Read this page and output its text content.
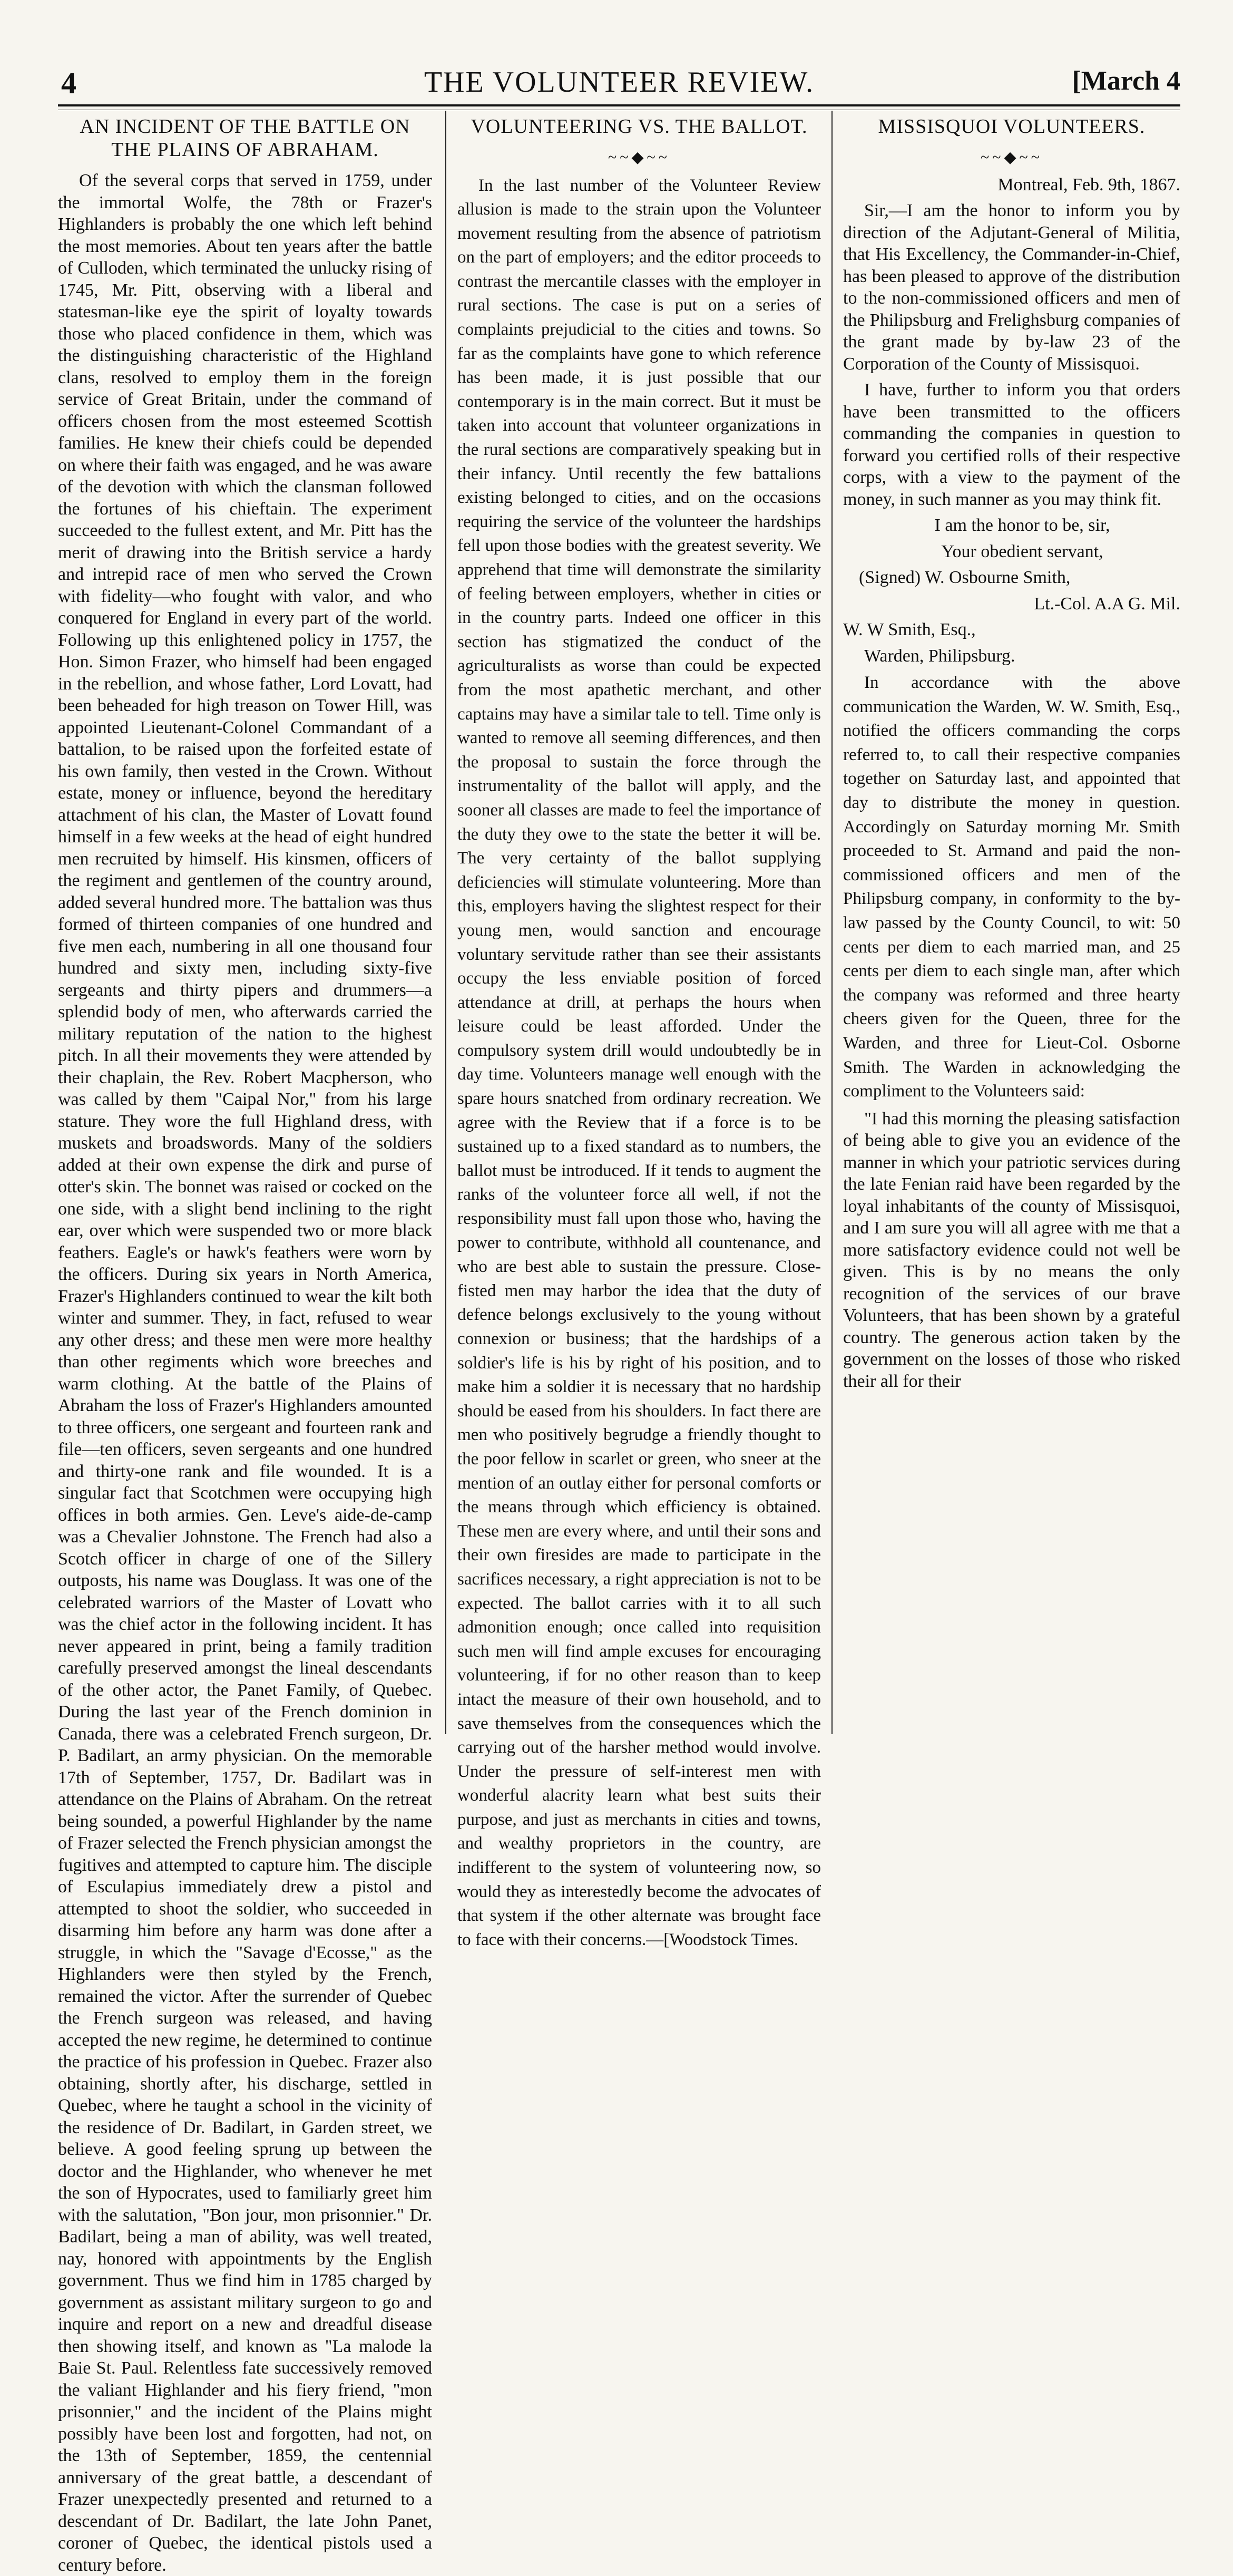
4	THE VOLUNTEER REVIEW.	[March 4
AN INCIDENT OF THE BATTLE ON THE PLAINS OF ABRAHAM.

Of the several corps that served in 1759, under the immortal Wolfe, the 78th or Frazer's Highlanders is probably the one which left behind the most memories. About ten years after the battle of Culloden, which terminated the unlucky rising of 1745, Mr. Pitt, observing with a liberal and statesman-like eye the spirit of loyalty towards those who placed confidence in them, which was the distinguishing characteristic of the Highland clans, resolved to employ them in the foreign service of Great Britain, under the command of officers chosen from the most esteemed Scottish families. He knew their chiefs could be depended on where their faith was engaged, and he was aware of the devotion with which the clansman followed the fortunes of his chieftain. The experiment succeeded to the fullest extent, and Mr. Pitt has the merit of drawing into the British service a hardy and intrepid race of men who served the Crown with fidelity—who fought with valor, and who conquered for England in every part of the world. Following up this enlightened policy in 1757, the Hon. Simon Frazer, who himself had been engaged in the rebellion, and whose father, Lord Lovatt, had been beheaded for high treason on Tower Hill, was appointed Lieutenant-Colonel Commandant of a battalion, to be raised upon the forfeited estate of his own family, then vested in the Crown. Without estate, money or influence, beyond the hereditary attachment of his clan, the Master of Lovatt found himself in a few weeks at the head of eight hundred men recruited by himself. His kinsmen, officers of the regiment and gentlemen of the country around, added several hundred more. The battalion was thus formed of thirteen companies of one hundred and five men each, numbering in all one thousand four hundred and sixty men, including sixty-five sergeants and thirty pipers and drummers—a splendid body of men, who afterwards carried the military reputation of the nation to the highest pitch. In all their movements they were attended by their chaplain, the Rev. Robert Macpherson, who was called by them "Caipal Nor," from his large stature. They wore the full Highland dress, with muskets and broadswords. Many of the soldiers added at their own expense the dirk and purse of otter's skin. The bonnet was raised or cocked on the one side, with a slight bend inclining to the right ear, over which were suspended two or more black feathers. Eagle's or hawk's feathers were worn by the officers. During six years in North America, Frazer's Highlanders continued to wear the kilt both winter and summer. They, in fact, refused to wear any other dress; and these men were more healthy than other regiments which wore breeches and warm clothing. At the battle of the Plains of Abraham the loss of Frazer's Highlanders amounted to three officers, one sergeant and fourteen rank and file—ten officers, seven sergeants and one hundred and thirty-one rank and file wounded. It is a singular fact that Scotchmen were occupying high offices in both armies. Gen. Leve's aide-de-camp was a Chevalier Johnstone. The French had also a Scotch officer in charge of one of the Sillery outposts, his name was Douglass. It was one of the celebrated warriors of the Master of Lovatt who was the chief actor in the following incident. It has never appeared in print, being a family tradition carefully preserved amongst the lineal descendants of the other actor, the Panet Family, of Quebec. During the last year of the French dominion in Canada, there was a celebrated French surgeon, Dr. P. Badilart, an army physician. On the memorable 17th of September, 1757, Dr. Badilart was in attendance on the Plains of Abraham. On the retreat being sounded, a powerful Highlander by the name of Frazer selected the French physician amongst the fugitives and attempted to capture him. The disciple of Esculapius immediately drew a pistol and attempted to shoot the soldier, who succeeded in disarming him before any harm was done after a struggle, in which the "Savage d'Ecosse," as the Highlanders were then styled by the French, remained the victor. After the surrender of Quebec the French surgeon was released, and having accepted the new regime, he determined to continue the practice of his profession in Quebec. Frazer also obtaining, shortly after, his discharge, settled in Quebec, where he taught a school in the vicinity of the residence of Dr. Badilart, in Garden street, we believe. A good feeling sprung up between the doctor and the Highlander, who whenever he met the son of Hypocrates, used to familiarly greet him with the salutation, "Bon jour, mon prisonnier." Dr. Badilart, being a man of ability, was well treated, nay, honored with appointments by the English government. Thus we find him in 1785 charged by government as assistant military surgeon to go and inquire and report on a new and dreadful disease then showing itself, and known as "La malode la Baie St. Paul. Relentless fate successively removed the valiant Highlander and his fiery friend, "mon prisonnier," and the incident of the Plains might possibly have been lost and forgotten, had not, on the 13th of September, 1859, the centennial anniversary of the great battle, a descendant of Frazer unexpectedly presented and returned to a descendant of Dr. Badilart, the late John Panet, coroner of Quebec, the identical pistols used a century before.

VOLUNTEERING VS. THE BALLOT.
~~◆~~

In the last number of the Volunteer Review allusion is made to the strain upon the Volunteer movement resulting from the absence of patriotism on the part of employers; and the editor proceeds to contrast the mercantile classes with the employer in rural sections. The case is put on a series of complaints prejudicial to the cities and towns. So far as the complaints have gone to which reference has been made, it is just possible that our contemporary is in the main correct. But it must be taken into account that volunteer organizations in the rural sections are comparatively speaking but in their infancy. Until recently the few battalions existing belonged to cities, and on the occasions requiring the service of the volunteer the hardships fell upon those bodies with the greatest severity. We apprehend that time will demonstrate the similarity of feeling between employers, whether in cities or in the country parts. Indeed one officer in this section has stigmatized the conduct of the agriculturalists as worse than could be expected from the most apathetic merchant, and other captains may have a similar tale to tell. Time only is wanted to remove all seeming differences, and then the proposal to sustain the force through the instrumentality of the ballot will apply, and the sooner all classes are made to feel the importance of the duty they owe to the state the better it will be. The very certainty of the ballot supplying deficiencies will stimulate volunteering. More than this, employers having the slightest respect for their young men, would sanction and encourage voluntary servitude rather than see their assistants occupy the less enviable position of forced attendance at drill, at perhaps the hours when leisure could be least afforded. Under the compulsory system drill would undoubtedly be in day time. Volunteers manage well enough with the spare hours snatched from ordinary recreation. We agree with the Review that if a force is to be sustained up to a fixed standard as to numbers, the ballot must be introduced. If it tends to augment the ranks of the volunteer force all well, if not the responsibility must fall upon those who, having the power to contribute, withhold all countenance, and who are best able to sustain the pressure. Close-fisted men may harbor the idea that the duty of defence belongs exclusively to the young without connexion or business; that the hardships of a soldier's life is his by right of his position, and to make him a soldier it is necessary that no hardship should be eased from his shoulders. In fact there are men who positively begrudge a friendly thought to the poor fellow in scarlet or green, who sneer at the mention of an outlay either for personal comforts or the means through which efficiency is obtained. These men are every where, and until their sons and their own firesides are made to participate in the sacrifices necessary, a right appreciation is not to be expected. The ballot carries with it to all such admonition enough; once called into requisition such men will find ample excuses for encouraging volunteering, if for no other reason than to keep intact the measure of their own household, and to save themselves from the consequences which the carrying out of the harsher method would involve. Under the pressure of self-interest men with wonderful alacrity learn what best suits their purpose, and just as merchants in cities and towns, and wealthy proprietors in the country, are indifferent to the system of volunteering now, so would they as interestedly become the advocates of that system if the other alternate was brought face to face with their concerns.—[Woodstock Times.

MISSISQUOI VOLUNTEERS.
~~◆~~

Montreal, Feb. 9th, 1867.

Sir,—I am the honor to inform you by direction of the Adjutant-General of Militia, that His Excellency, the Commander-in-Chief, has been pleased to approve of the distribution to the non-commissioned officers and men of the Philipsburg and Frelighsburg companies of the grant made by by-law 23 of the Corporation of the County of Missisquoi.

I have, further to inform you that orders have been transmitted to the officers commanding the companies in question to forward you certified rolls of their respective corps, with a view to the payment of the money, in such manner as you may think fit.

I am the honor to be, sir,

Your obedient servant,

(Signed) W. Osbourne Smith,

Lt.-Col. A.A G. Mil.

W. W Smith, Esq.,

Warden, Philipsburg.

In accordance with the above communication the Warden, W. W. Smith, Esq., notified the officers commanding the corps referred to, to call their respective companies together on Saturday last, and appointed that day to distribute the money in question. Accordingly on Saturday morning Mr. Smith proceeded to St. Armand and paid the non-commissioned officers and men of the Philipsburg company, in conformity to the by-law passed by the County Council, to wit: 50 cents per diem to each married man, and 25 cents per diem to each single man, after which the company was reformed and three hearty cheers given for the Queen, three for the Warden, and three for Lieut-Col. Osborne Smith. The Warden in acknowledging the compliment to the Volunteers said:

"I had this morning the pleasing satisfaction of being able to give you an evidence of the manner in which your patriotic services during the late Fenian raid have been regarded by the loyal inhabitants of the county of Missisquoi, and I am sure you will all agree with me that a more satisfactory evidence could not well be given. This is by no means the only recognition of the services of our brave Volunteers, that has been shown by a grateful country. The generous action taken by the government on the losses of those who risked their all for their
